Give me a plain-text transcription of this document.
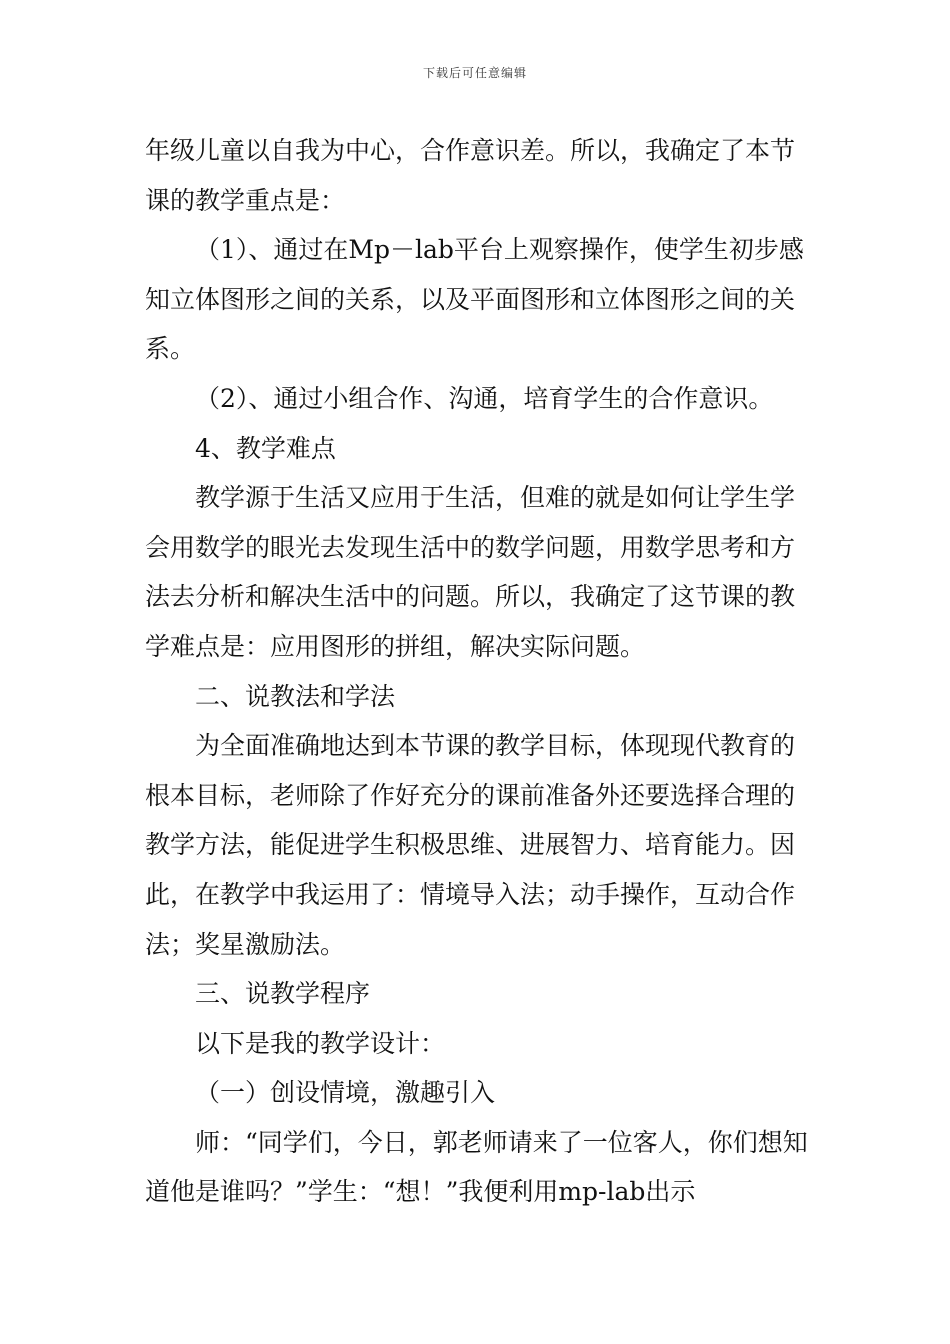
下载后可任意编辑

年级儿童以自我为中心，合作意识差。所以，我确定了本节课的教学重点是：

（1）、通过在Mp－lab平台上观察操作，使学生初步感知立体图形之间的关系，以及平面图形和立体图形之间的关系。

（2）、通过小组合作、沟通，培育学生的合作意识。

4、教学难点

教学源于生活又应用于生活，但难的就是如何让学生学会用数学的眼光去发现生活中的数学问题，用数学思考和方法去分析和解决生活中的问题。所以，我确定了这节课的教学难点是：应用图形的拼组，解决实际问题。

二、说教法和学法

为全面准确地达到本节课的教学目标，体现现代教育的根本目标，老师除了作好充分的课前准备外还要选择合理的教学方法，能促进学生积极思维、进展智力、培育能力。因此，在教学中我运用了：情境导入法；动手操作，互动合作法；奖星激励法。

三、说教学程序

以下是我的教学设计：

（一）创设情境，激趣引入

师：“同学们，今日，郭老师请来了一位客人，你们想知道他是谁吗？”学生：“想！”我便利用mp-lab出示
